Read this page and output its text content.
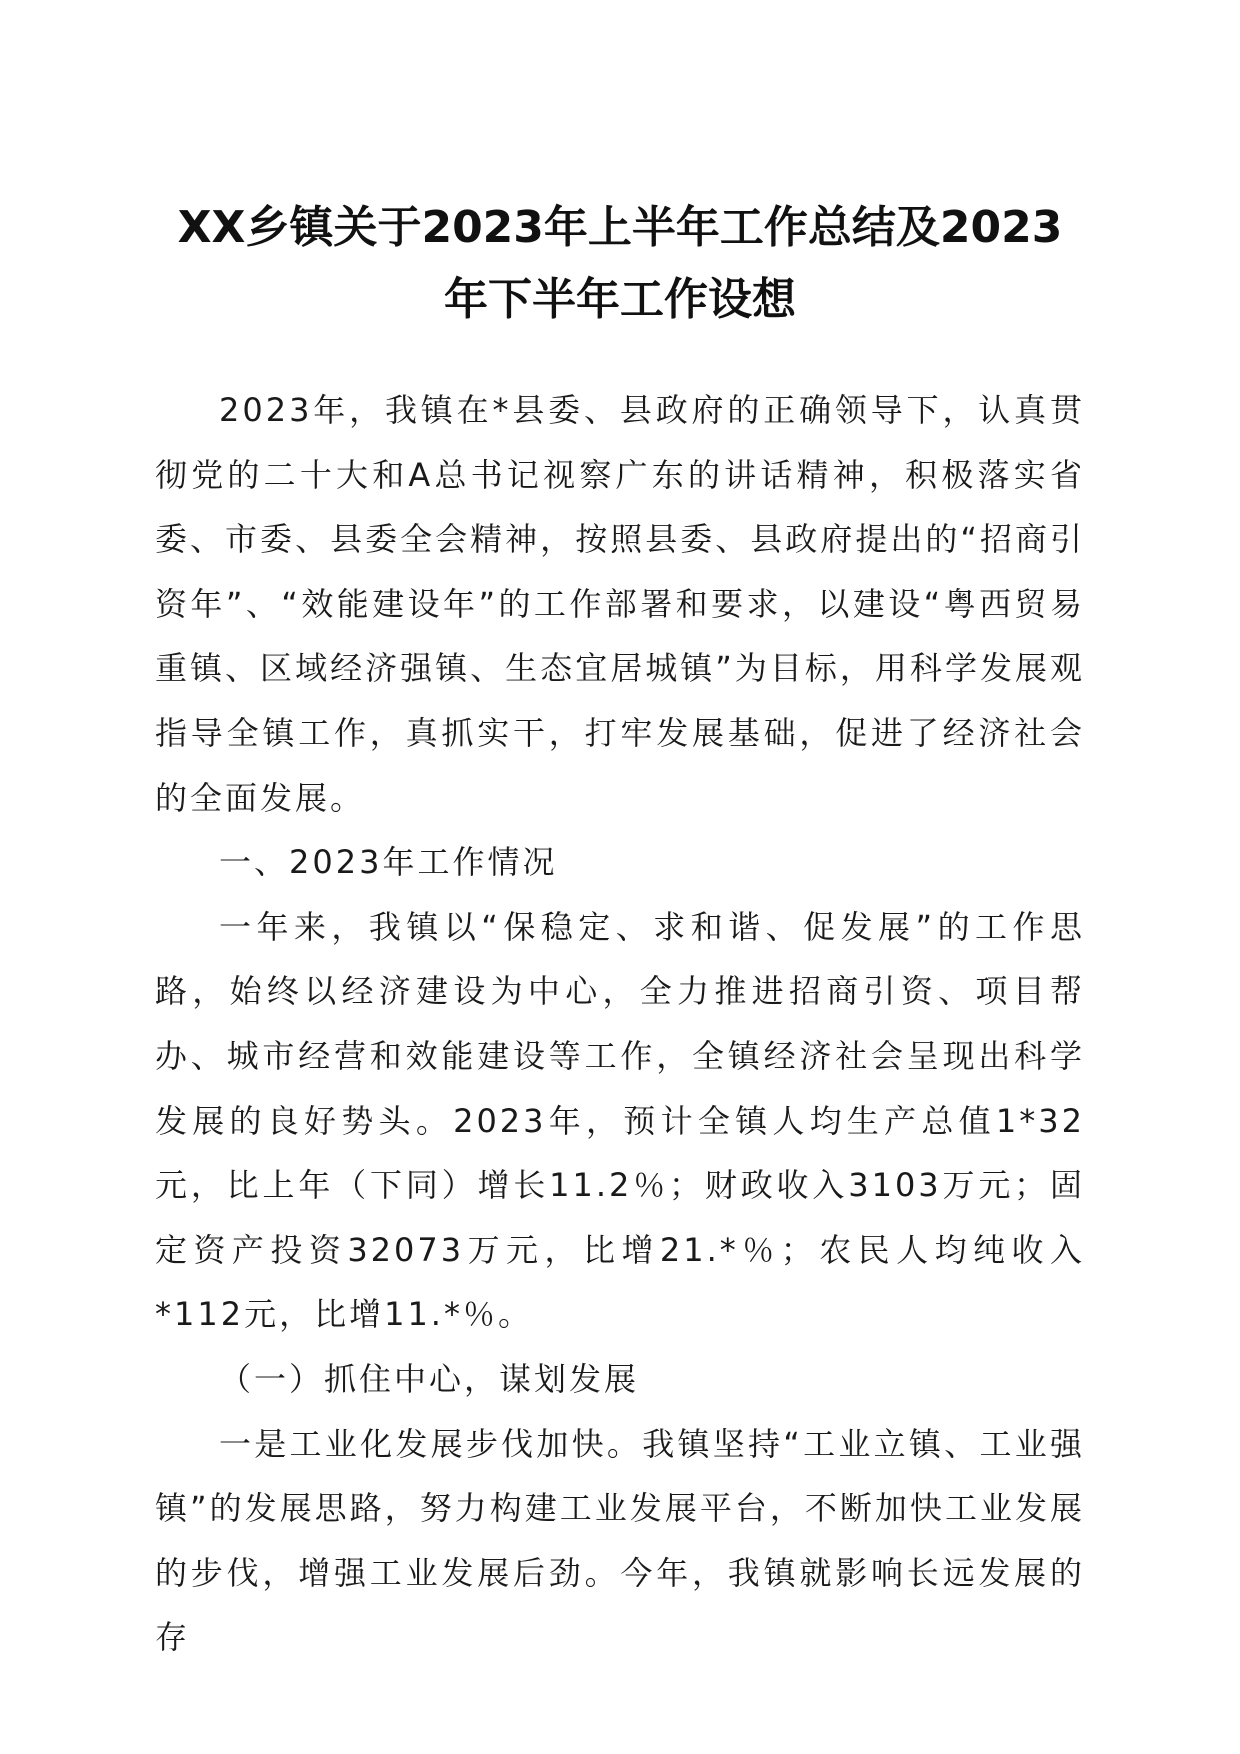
XX乡镇关于2023年上半年工作总结及2023
年下半年工作设想

2023年，我镇在*县委、县政府的正确领导下，认真贯彻党的二十大和A总书记视察广东的讲话精神，积极落实省委、市委、县委全会精神，按照县委、县政府提出的“招商引资年”、“效能建设年”的工作部署和要求，以建设“粤西贸易重镇、区域经济强镇、生态宜居城镇”为目标，用科学发展观指导全镇工作，真抓实干，打牢发展基础，促进了经济社会的全面发展。

一、2023年工作情况

一年来，我镇以“保稳定、求和谐、促发展”的工作思路，始终以经济建设为中心，全力推进招商引资、项目帮办、城市经营和效能建设等工作，全镇经济社会呈现出科学发展的良好势头。2023年，预计全镇人均生产总值1*32元，比上年（下同）增长11.2％；财政收入3103万元；固定资产投资32073万元，比增21.*％；农民人均纯收入*112元，比增11.*％。

（一）抓住中心，谋划发展

一是工业化发展步伐加快。我镇坚持“工业立镇、工业强镇”的发展思路，努力构建工业发展平台，不断加快工业发展的步伐，增强工业发展后劲。今年，我镇就影响长远发展的存
